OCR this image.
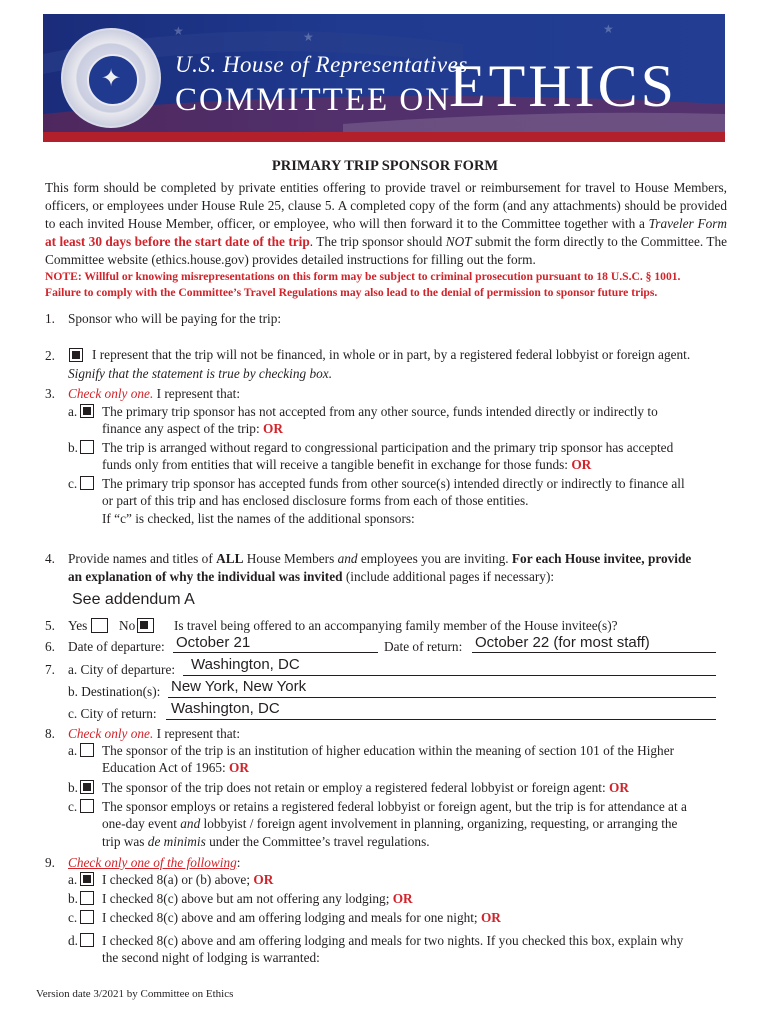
★	★
★
✦ U.S. House of Representatives
COMMITTEE ON
ETHICS
PRIMARY TRIP SPONSOR FORM
This form should be completed by private entities offering to provide travel or reimbursement for travel to House Members, officers, or employees under House Rule 25, clause 5. A completed copy of the form (and any attachments) should be provided to each invited House Member, officer, or employee, who will then forward it to the Committee together with a Traveler Form at least 30 days before the start date of the trip. The trip sponsor should NOT submit the form directly to the Committee. The Committee website (ethics.house.gov) provides detailed instructions for filling out the form.
NOTE: Willful or knowing misrepresentations on this form may be subject to criminal prosecution pursuant to 18 U.S.C. § 1001.
Failure to comply with the Committee’s Travel Regulations may also lead to the denial of permission to sponsor future trips.
1. Sponsor who will be paying for the trip:
2.	I represent that the trip will not be financed, in whole or in part, by a registered federal lobbyist or foreign agent.
Signify that the statement is true by checking box.
3. Check only one. I represent that:
a. The primary trip sponsor has not accepted from any other source, funds intended directly or indirectly to
finance any aspect of the trip: OR
b. The trip is arranged without regard to congressional participation and the primary trip sponsor has accepted
funds only from entities that will receive a tangible benefit in exchange for those funds: OR
c. The primary trip sponsor has accepted funds from other source(s) intended directly or indirectly to finance all
or part of this trip and has enclosed disclosure forms from each of those entities.
If “c” is checked, list the names of the additional sponsors:
4. Provide names and titles of ALL House Members and employees you are inviting. For each House invitee, provide
an explanation of why the individual was invited (include additional pages if necessary):
See addendum A
5. Yes No	Is travel being offered to an accompanying family member of the House invitee(s)?
6. Date of departure: October 21	Date of return: October 22 (for most staff)
7. a. City of departure: Washington, DC
b. Destination(s): New York, New York
c. City of return: Washington, DC
8. Check only one. I represent that:
a. The sponsor of the trip is an institution of higher education within the meaning of section 101 of the Higher
Education Act of 1965: OR
b. The sponsor of the trip does not retain or employ a registered federal lobbyist or foreign agent: OR
c. The sponsor employs or retains a registered federal lobbyist or foreign agent, but the trip is for attendance at a
one-day event and lobbyist / foreign agent involvement in planning, organizing, requesting, or arranging the
trip was de minimis under the Committee’s travel regulations.
9. Check only one of the following:
a. I checked 8(a) or (b) above; OR
b. I checked 8(c) above but am not offering any lodging; OR
c. I checked 8(c) above and am offering lodging and meals for one night; OR
d. I checked 8(c) above and am offering lodging and meals for two nights. If you checked this box, explain why
the second night of lodging is warranted:
Version date 3/2021 by Committee on Ethics
